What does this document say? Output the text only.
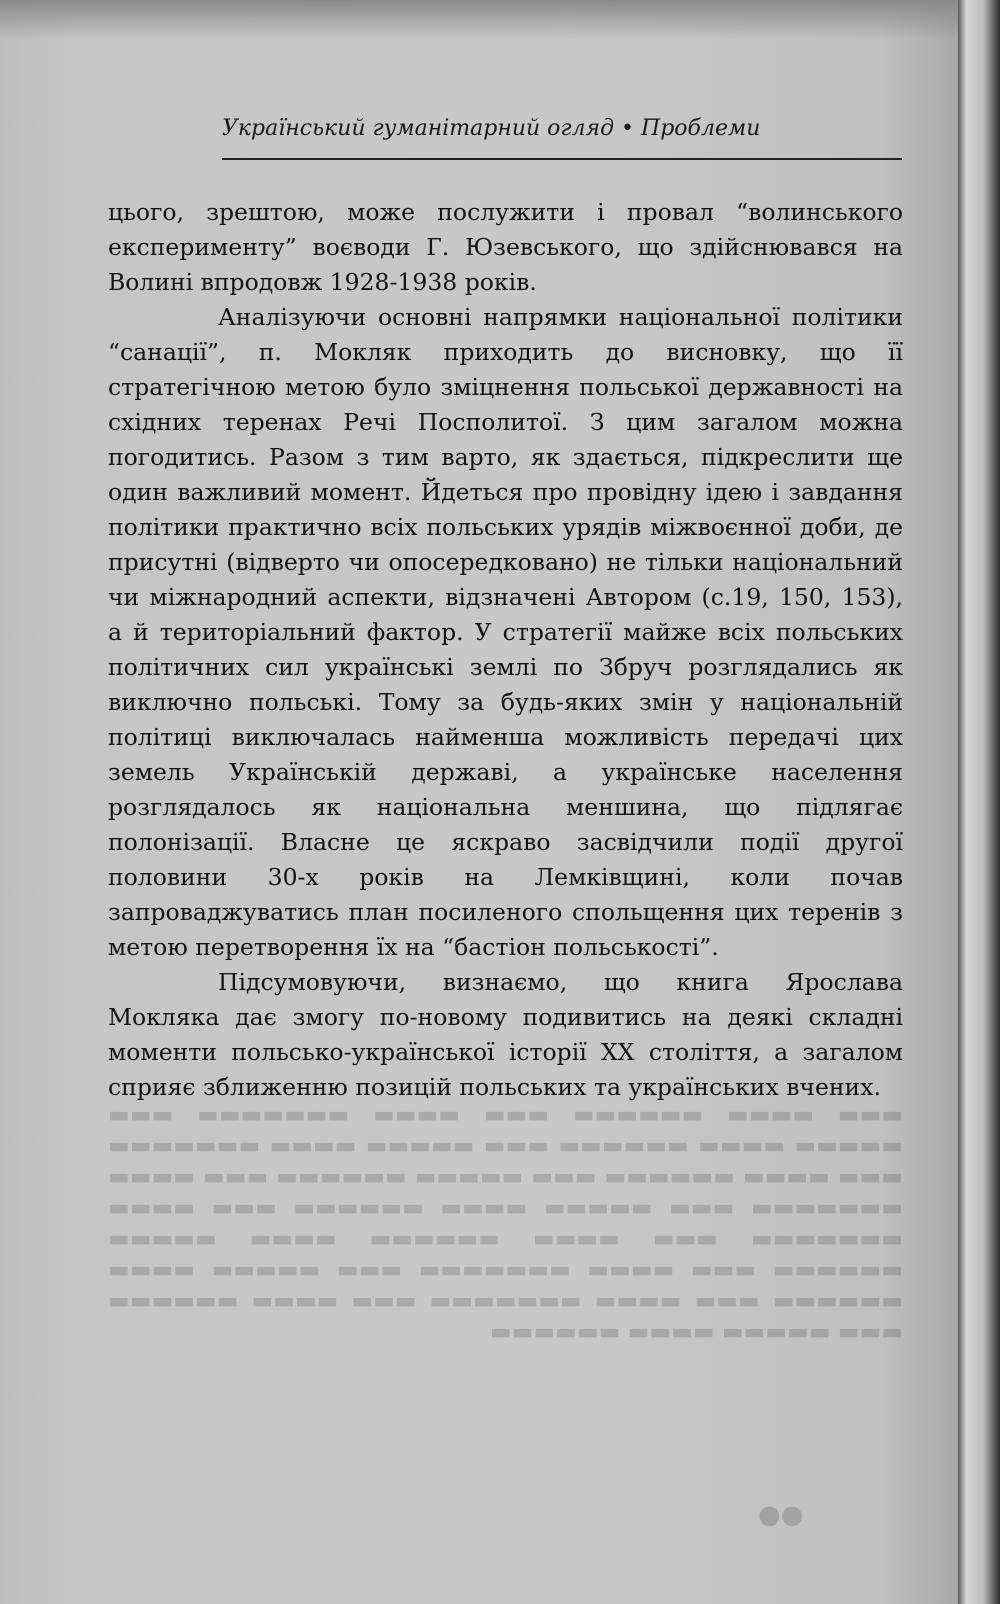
Український гуманітарний огляд • Проблеми

цього, зрештою, може послужити і провал “волинського експерименту” воєводи Г. Юзевського, що здійснювався на Волині впродовж 1928-1938 років.

Аналізуючи основні напрямки національної політики “санації”, п. Мокляк приходить до висновку, що її стратегічною метою було зміцнення польської державності на східних теренах Речі Посполитої. З цим загалом можна погодитись. Разом з тим варто, як здається, підкреслити ще один важливий момент. Йдеться про провідну ідею і завдання політики практично всіх польських урядів міжвоєнної доби, де присутні (відверто чи опосередковано) не тільки національний чи міжнародний аспекти, відзначені Автором (с.19, 150, 153), а й територіальний фактор. У стратегії майже всіх польських політичних сил українські землі по Збруч розглядались як виключно польські. Тому за будь-яких змін у національній політиці виключалась найменша можливість передачі цих земель Українській державі, а українське населення розглядалось як національна меншина, що підлягає полонізації. Власне це яскраво засвідчили події другої половини 30-х років на Лемківщині, коли почав запроваджуватись план посиленого спольщення цих теренів з метою перетворення їх на “бастіон польськості”.

Підсумовуючи, визнаємо, що книга Ярослава Мокляка дає змогу по-новому подивитись на деякі складні моменти польсько-української історії ХХ століття, а загалом сприяє зближенню позицій польських та українських вчених.

▬▬▬ ▬▬▬▬ ▬▬▬▬▬▬ ▬▬▬ ▬▬▬▬ ▬▬▬▬▬▬▬ ▬▬▬ ▬▬▬▬▬ ▬▬▬▬ ▬▬▬▬▬▬ ▬▬▬ ▬▬▬▬▬ ▬▬▬▬ ▬▬▬▬▬▬▬ ▬▬▬ ▬▬▬▬ ▬▬▬▬▬▬ ▬▬▬ ▬▬▬▬▬ ▬▬▬▬▬▬ ▬▬▬ ▬▬▬▬ ▬▬▬▬▬▬▬ ▬▬▬ ▬▬▬▬▬ ▬▬▬▬ ▬▬▬▬▬▬ ▬▬▬ ▬▬▬▬ ▬▬▬▬▬▬▬ ▬▬▬ ▬▬▬▬ ▬▬▬▬▬▬ ▬▬▬▬ ▬▬▬▬▬ ▬▬▬▬▬▬ ▬▬▬ ▬▬▬▬ ▬▬▬▬▬▬▬ ▬▬▬ ▬▬▬▬▬ ▬▬▬▬ ▬▬▬▬▬▬ ▬▬▬ ▬▬▬▬ ▬▬▬▬▬▬▬ ▬▬▬ ▬▬▬▬ ▬▬▬▬▬▬ ▬▬▬ ▬▬▬▬▬ ▬▬▬▬ ▬▬▬▬▬▬
●●
